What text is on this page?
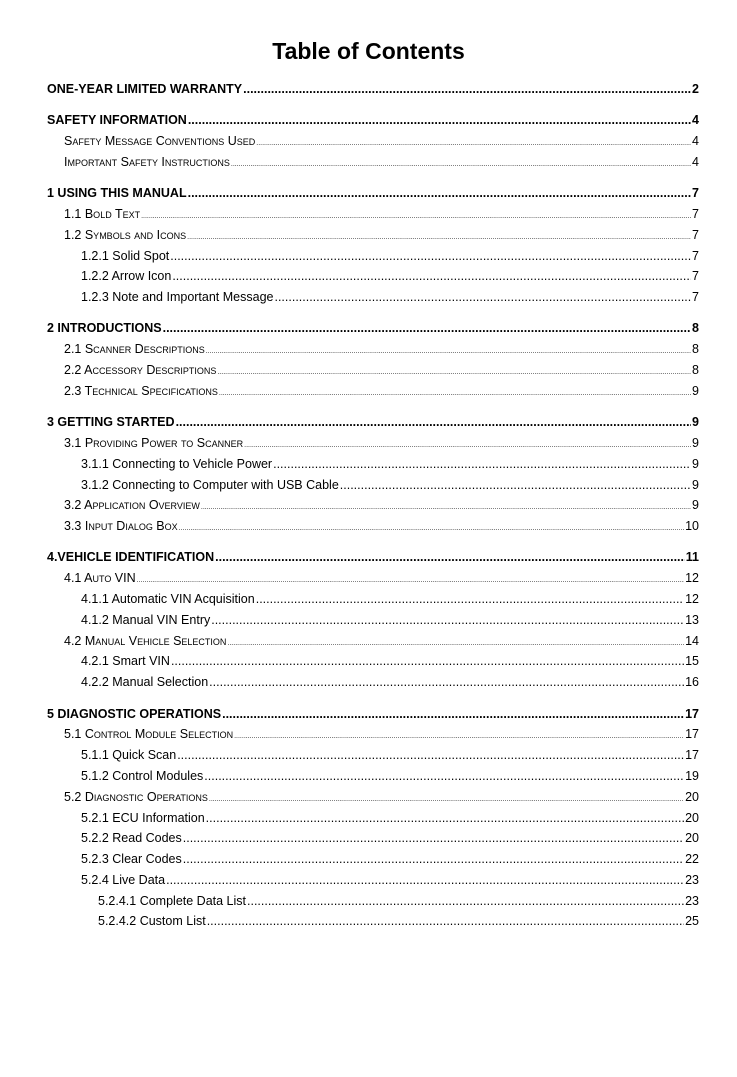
Table of Contents
ONE-YEAR LIMITED WARRANTY .....	2
SAFETY INFORMATION .....	4
Safety Message Conventions Used .....	4
Important Safety Instructions .....	4
1 USING THIS MANUAL .....	7
1.1 Bold Text .....	7
1.2 Symbols and Icons .....	7
1.2.1 Solid Spot .....	7
1.2.2 Arrow Icon .....	7
1.2.3 Note and Important Message .....	7
2 INTRODUCTIONS .....	8
2.1 Scanner Descriptions .....	8
2.2 Accessory Descriptions .....	8
2.3 Technical Specifications .....	9
3 GETTING STARTED .....	9
3.1 Providing Power to Scanner .....	9
3.1.1 Connecting to Vehicle Power .....	9
3.1.2 Connecting to Computer with USB Cable .....	9
3.2 Application Overview .....	9
3.3 Input Dialog Box .....	10
4.VEHICLE IDENTIFICATION .....	11
4.1 Auto VIN .....	12
4.1.1 Automatic VIN Acquisition .....	12
4.1.2 Manual VIN Entry .....	13
4.2 Manual Vehicle Selection .....	14
4.2.1 Smart VIN .....	15
4.2.2 Manual Selection .....	16
5 DIAGNOSTIC OPERATIONS .....	17
5.1 Control Module Selection .....	17
5.1.1 Quick Scan .....	17
5.1.2 Control Modules .....	19
5.2 Diagnostic Operations .....	20
5.2.1 ECU Information .....	20
5.2.2 Read Codes .....	20
5.2.3 Clear Codes .....	22
5.2.4 Live Data .....	23
5.2.4.1 Complete Data List .....	23
5.2.4.2 Custom List .....	25
